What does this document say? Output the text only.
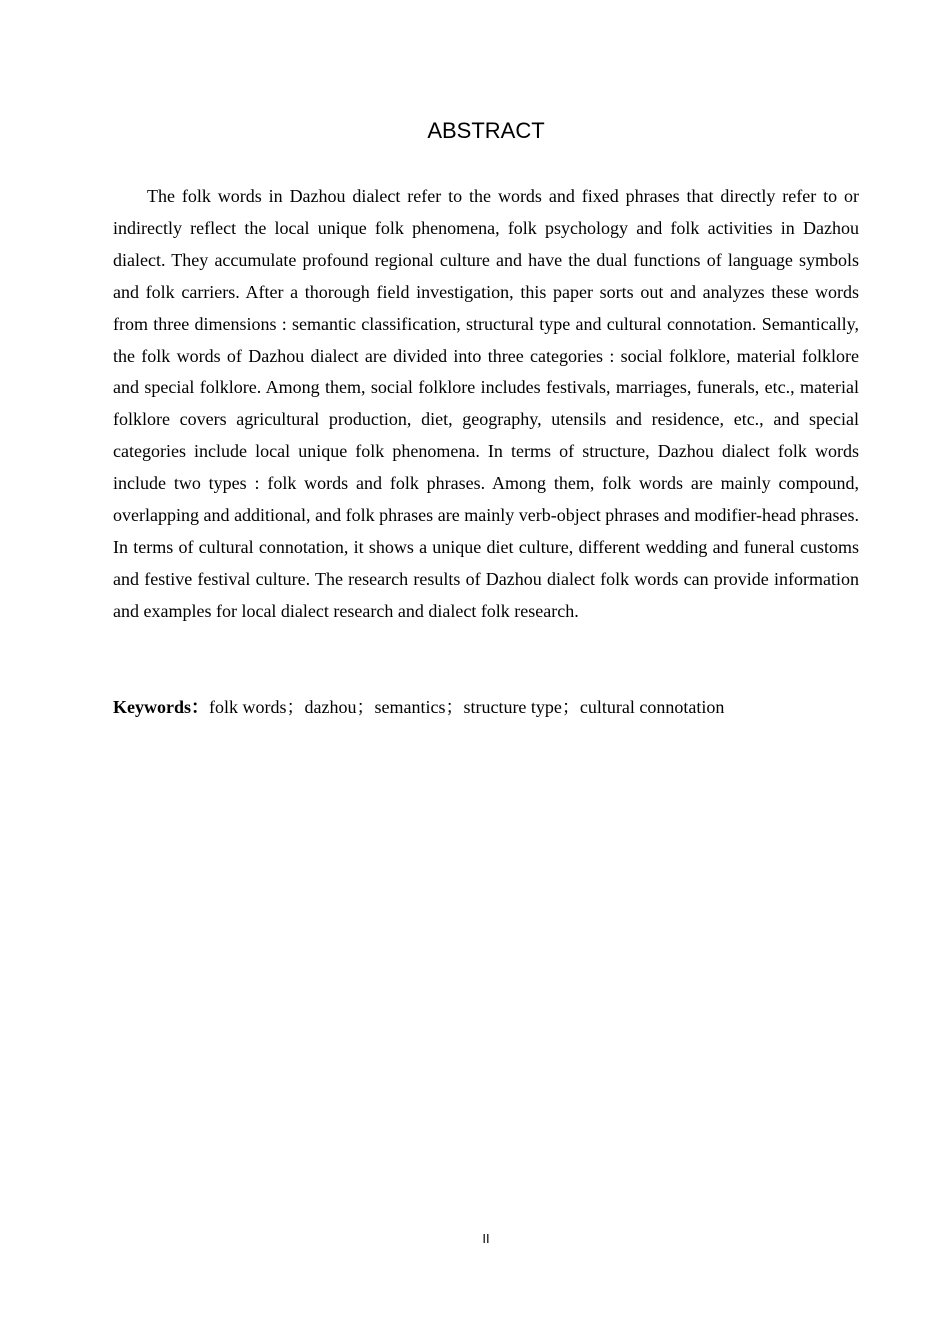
ABSTRACT

The folk words in Dazhou dialect refer to the words and fixed phrases that directly refer to or indirectly reflect the local unique folk phenomena, folk psychology and folk activities in Dazhou dialect. They accumulate profound regional culture and have the dual functions of language symbols and folk carriers. After a thorough field investigation, this paper sorts out and analyzes these words from three dimensions : semantic classification, structural type and cultural connotation. Semantically, the folk words of Dazhou dialect are divided into three categories : social folklore, material folklore and special folklore. Among them, social folklore includes festivals, marriages, funerals, etc., material folklore covers agricultural production, diet, geography, utensils and residence, etc., and special categories include local unique folk phenomena. In terms of structure, Dazhou dialect folk words include two types : folk words and folk phrases. Among them, folk words are mainly compound, overlapping and additional, and folk phrases are mainly verb-object phrases and modifier-head phrases. In terms of cultural connotation, it shows a unique diet culture, different wedding and funeral customs and festive festival culture. The research results of Dazhou dialect folk words can provide information and examples for local dialect research and dialect folk research.

Keywords：folk words；dazhou；semantics；structure type；cultural connotation

II
